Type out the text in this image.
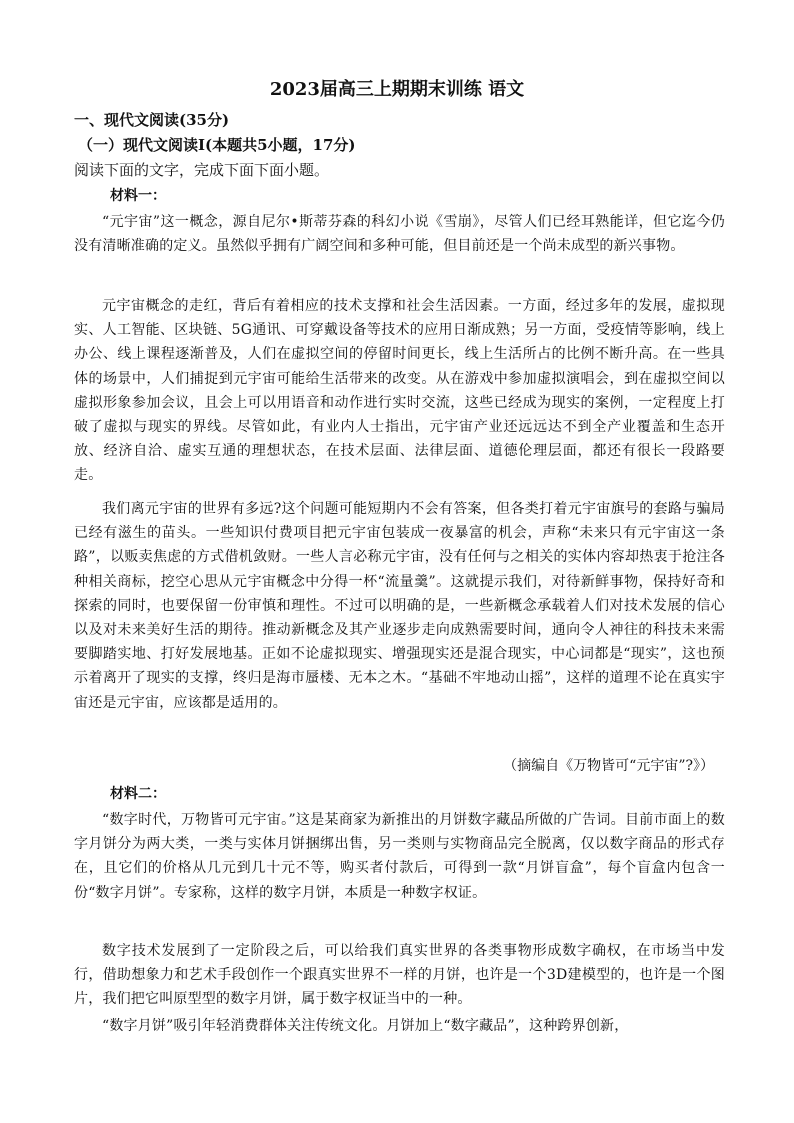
2023届高三上期期末训练 语文

一、现代文阅读(35分)

（一）现代文阅读I(本题共5小题，17分)

阅读下面的文字，完成下面下面小题。

材料一：

“元宇宙”这一概念，源自尼尔•斯蒂芬森的科幻小说《雪崩》，尽管人们已经耳熟能详，但它迄今仍没有清晰准确的定义。虽然似乎拥有广阔空间和多种可能，但目前还是一个尚未成型的新兴事物。

元宇宙概念的走红，背后有着相应的技术支撑和社会生活因素。一方面，经过多年的发展，虚拟现实、人工智能、区块链、5G通讯、可穿戴设备等技术的应用日渐成熟；另一方面，受疫情等影响，线上办公、线上课程逐渐普及，人们在虚拟空间的停留时间更长，线上生活所占的比例不断升高。在一些具体的场景中，人们捕捉到元宇宙可能给生活带来的改变。从在游戏中参加虚拟演唱会，到在虚拟空间以虚拟形象参加会议，且会上可以用语音和动作进行实时交流，这些已经成为现实的案例，一定程度上打破了虚拟与现实的界线。尽管如此，有业内人士指出，元宇宙产业还远远达不到全产业覆盖和生态开放、经济自洽、虚实互通的理想状态，在技术层面、法律层面、道德伦理层面，都还有很长一段路要走。

我们离元宇宙的世界有多远?这个问题可能短期内不会有答案，但各类打着元宇宙旗号的套路与骗局已经有滋生的苗头。一些知识付费项目把元宇宙包装成一夜暴富的机会，声称“未来只有元宇宙这一条路”，以贩卖焦虑的方式借机敛财。一些人言必称元宇宙，没有任何与之相关的实体内容却热衷于抢注各种相关商标，挖空心思从元宇宙概念中分得一杯“流量羹”。这就提示我们，对待新鲜事物，保持好奇和探索的同时，也要保留一份审慎和理性。不过可以明确的是，一些新概念承载着人们对技术发展的信心以及对未来美好生活的期待。推动新概念及其产业逐步走向成熟需要时间，通向令人神往的科技未来需要脚踏实地、打好发展地基。正如不论虚拟现实、增强现实还是混合现实，中心词都是“现实”，这也预示着离开了现实的支撑，终归是海市蜃楼、无本之木。“基础不牢地动山摇”，这样的道理不论在真实宇宙还是元宇宙，应该都是适用的。

（摘编自《万物皆可“元宇宙”?》）

材料二：

“数字时代，万物皆可元宇宙。”这是某商家为新推出的月饼数字藏品所做的广告词。目前市面上的数字月饼分为两大类，一类与实体月饼捆绑出售，另一类则与实物商品完全脱离，仅以数字商品的形式存在，且它们的价格从几元到几十元不等，购买者付款后，可得到一款“月饼盲盒”，每个盲盒内包含一份“数字月饼”。专家称，这样的数字月饼，本质是一种数字权证。

数字技术发展到了一定阶段之后，可以给我们真实世界的各类事物形成数字确权，在市场当中发行，借助想象力和艺术手段创作一个跟真实世界不一样的月饼，也许是一个3D建模型的，也许是一个图片，我们把它叫原型型的数字月饼，属于数字权证当中的一种。

“数字月饼”吸引年轻消费群体关注传统文化。月饼加上“数字藏品”，这种跨界创新，
